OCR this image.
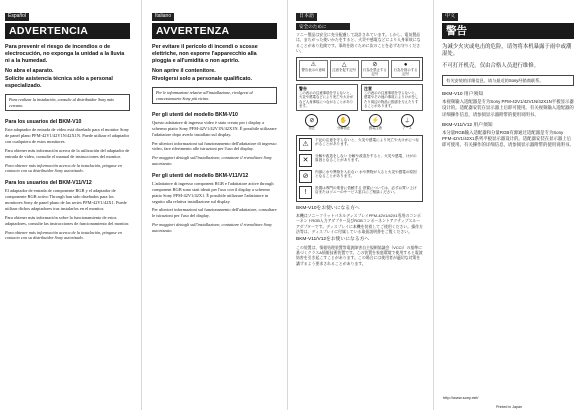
Español
ADVERTENCIA

Para prevenir el riesgo de incendios o de electrocución, no exponga la unidad a la lluvia ni a la humedad.

No abra el aparato.

Solicite asistencia técnica sólo a personal especializado.

Para realizar la instalación, consulte al distribuidor Sony más cercano.

Para los usuarios del BKM-V10

Este adaptador de entrada de video está diseñado para el monitor Sony de panel plano PFM-42V1/42V1N/42X1N. Puede utilizar el adaptador con cualquiera de estos monitores.

Para obtener más información acerca de la utilización del adaptador de entrada de video, consulte el manual de instrucciones del monitor.

Para obtener más información acerca de la instalación, póngase en contacto con su distribuidor Sony autorizado.

Para los usuarios del BKM-V11/V12

El adaptador de entrada de componente RGB y el adaptador de componente RGB activo Through han sido diseñados para los monitores Sony de panel plano de las series PFM-42V1/42X1. Puede utilizar dichos adaptadores tras instalarlos en el monitor.

Para obtener más información sobre la funcionamiento de estos adaptadores, consulte las instrucciones de funcionamiento del monitor.

Para obtener más información acerca de la instalación, póngase en contacto con su distribuidor Sony autorizado.

Italiano
AVVERTENZA

Per evitare il pericolo di incendi o scosse elettriche, non esporre l'apparecchio alla pioggia e all'umidità o non aprirlo.

Non aprire il contenitore.

Rivolgersi solo a personale qualificato.

Per le informazioni relative all'installazione, rivolgersi al concessionario Sony più vicino.

Per gli utenti del modello BKM-V10

Questo adattatore di ingresso video è stato creato per i display a schermo piatto Sony PFM-42V1/42V1N/42X1N. È possibile utilizzare l'adattatore dopo averlo installato sul display.

Per ulteriori informazioni sul funzionamento dell'adattatore di ingresso video, fare riferimento alle istruzioni per l'uso del display.

Per maggiori dettagli sull'installazione, contattare il rivenditore Sony autorizzato.

Per gli utenti del modello BKM-V11/V12

L'adattatore di ingresso component RGB e l'adattatore active through component RGB sono stati ideati per l'uso con il display a schermo piatto Sony PFM-42V1/42X1. È possibile utilizzare l'adattatore in seguito alla relativa installazione sul display.

Per ulteriori informazioni sul funzionamento dell'adattatore, consultare le istruzioni per l'uso del display.

Per maggiori dettagli sull'installazione, contattare il rivenditore Sony autorizzato.

日本語
安全のために

ソニー製品は安全に充分配慮して設計されています。しかし、電気製品は、まちがった使いかたをすると、火災や感電などにより人身事故になることがあり危険です。事故を防ぐために次のことを必ずお守りください。

⚠
警告表示の意味
△
注意を促す記号
⊘
行為を禁止する記号
●
行為を指示する記号
警告
この表示の注意事項を守らないと、火災や感電などにより死亡や大けがなど人身事故につながることがあります。
注意
この表示の注意事項を守らないと、感電やその他の事故によりけがをしたり周辺の物品に損害を与えたりすることがあります。
⊘
禁止
✋
分解禁止
⚡
感電注意
⏚
アース
⚠
下記の注意を守らないと、火災や感電により死亡や大けがにつながることがあります。
✕
分解や改造をしない 分解や改造をすると、火災や感電、けがの原因となることがあります。
⊘
内部に水や異物を入れない 水や異物が入ると火災や感電の原因となることがあります。
!
設置は専門の業者に依頼する 設置については、必ずお買い上げ店またはソニーのサービス窓口にご相談ください。

BKM-V10をお使いになる方へ

本機はソニーフラットパネルディスプレイPFM-42V1/42X1専用のコンポーネントRGB入力アダプター及びRGBコンポーネントアクティブスルーアダプターです。ディスプレイに本機を装着してご使用ください。操作方法等は、ディスプレイに付属している取扱説明書をご覧ください。

BKM-V11/V12をお使いになる方へ

この装置は、情報処理装置等電波障害自主規制協議会（VCCI）の基準に基づくクラスA情報技術装置です。この装置を家庭環境で使用すると電波妨害を引き起こすことがあります。この場合には使用者が適切な対策を講ずるよう要求されることがあります。

中文
警告

为减少火灾或电击的危险，请勿将本机暴露于雨中或潮湿处。

不可打开机壳。仅由合格人员进行维修。

有关安装的详细信息，请与最近的Sony经销商联系。

BKM-V10 用户须知

本视频输入适配器是专为Sony PFM-42V1/42V1N/42X1N平板显示器设计的。适配器安装在显示器上后即可使用。有关视频输入适配器的详细操作信息，请参阅显示器附带的使用说明书。

BKM-V11/V12 用户须知

本分量RGB输入适配器和分量RGB有源通过适配器是专为Sony PFM-42V1/42X1系列平板显示器设计的。适配器安装在显示器上后即可使用。有关操作的详细信息，请参阅显示器附带的使用说明书。

http://www.sony.net/
Printed in Japan
